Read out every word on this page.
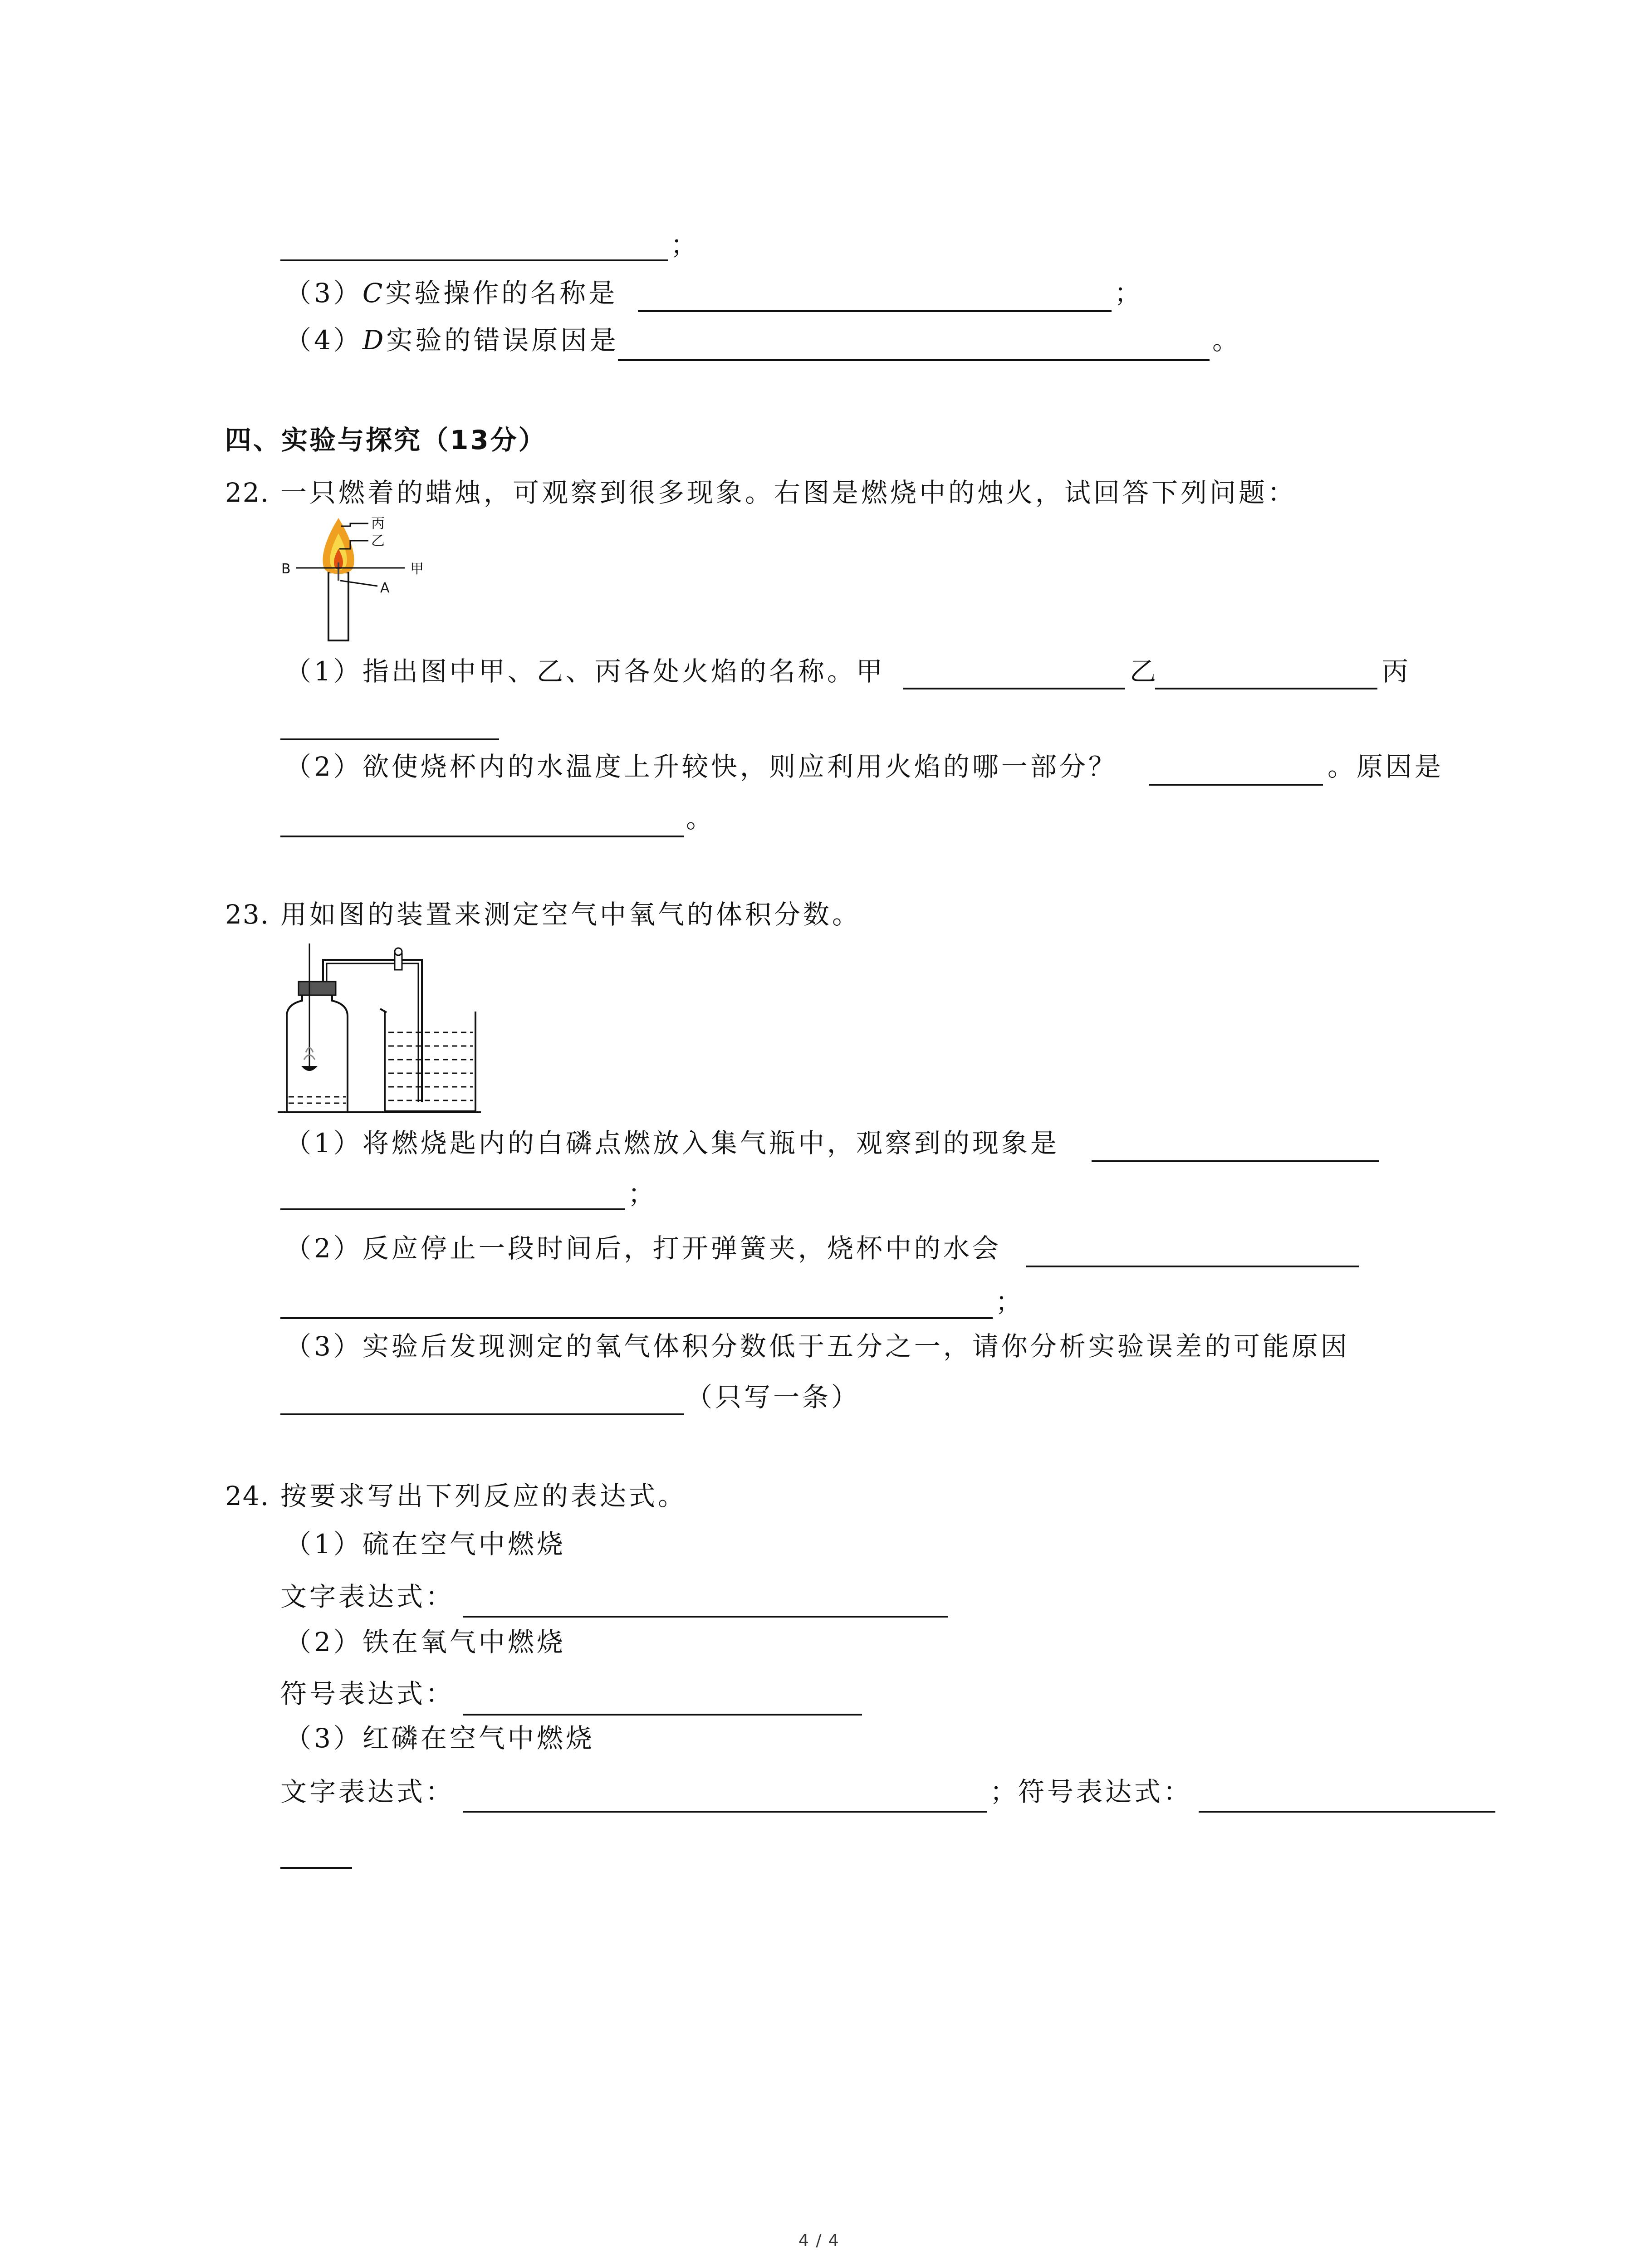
；
（3）C实验操作的名称是	；
（4）D实验的错误原因是	。
四、实验与探究（13分）
22. 一只燃着的蜡烛，可观察到很多现象。右图是燃烧中的烛火，试回答下列问题：
丙
乙
甲
B
A
（1）指出图中甲、乙、丙各处火焰的名称。甲	乙	丙
（2）欲使烧杯内的水温度上升较快，则应利用火焰的哪一部分？	。原因是
。
23. 用如图的装置来测定空气中氧气的体积分数。
（1）将燃烧匙内的白磷点燃放入集气瓶中，观察到的现象是
；
（2）反应停止一段时间后，打开弹簧夹，烧杯中的水会
；
（3）实验后发现测定的氧气体积分数低于五分之一，请你分析实验误差的可能原因
（只写一条）
24. 按要求写出下列反应的表达式。
（1）硫在空气中燃烧
文字表达式：
（2）铁在氧气中燃烧
符号表达式：
（3）红磷在空气中燃烧
文字表达式：	；
符号表达式：
4 / 4
